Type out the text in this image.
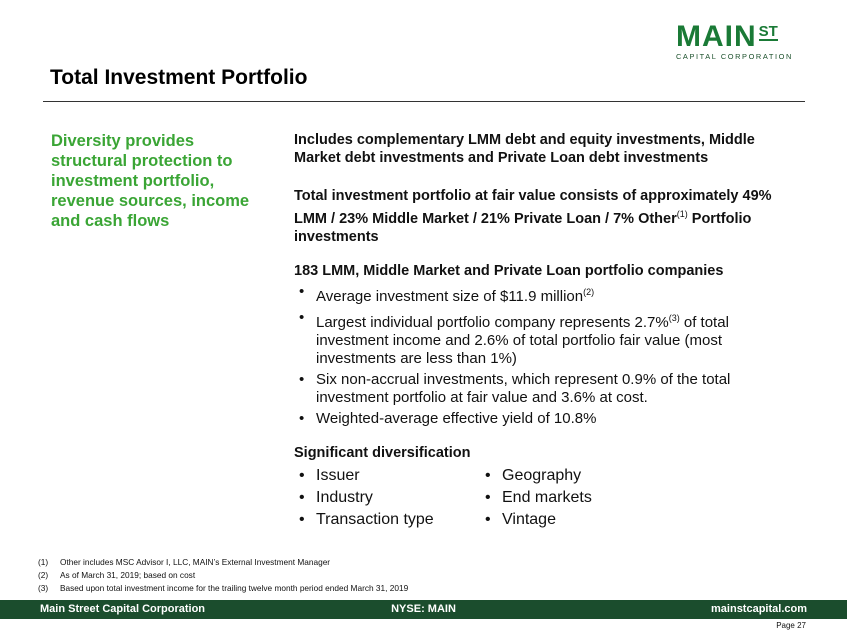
MAIN ST
CAPITAL CORPORATION
Total Investment Portfolio
Diversity provides structural protection to investment portfolio, revenue sources, income and cash flows
Includes complementary LMM debt and equity investments, Middle Market debt investments and Private Loan debt investments
Total investment portfolio at fair value consists of approximately 49% LMM / 23% Middle Market / 21% Private Loan / 7% Other$^{(1)}$ Portfolio investments
183 LMM, Middle Market and Private Loan portfolio companies
• Average investment size of $11.9 million$^{(2)}$
• Largest individual portfolio company represents 2.7%$^{(3)}$ of total investment income and 2.6% of total portfolio fair value (most investments are less than 1%)
• Six non-accrual investments, which represent 0.9% of the total investment portfolio at fair value and 3.6% at cost.
• Weighted-average effective yield of 10.8%
Significant diversification
• Issuer
• Industry
• Transaction type
• Geography
• End markets
• Vintage
(1)	Other includes MSC Advisor I, LLC, MAIN’s External Investment Manager
(2)	As of March 31, 2019; based on cost
(3)	Based upon total investment income for the trailing twelve month period ended March 31, 2019
Main Street Capital Corporation	NYSE: MAIN	mainstcapital.com
Page 27
